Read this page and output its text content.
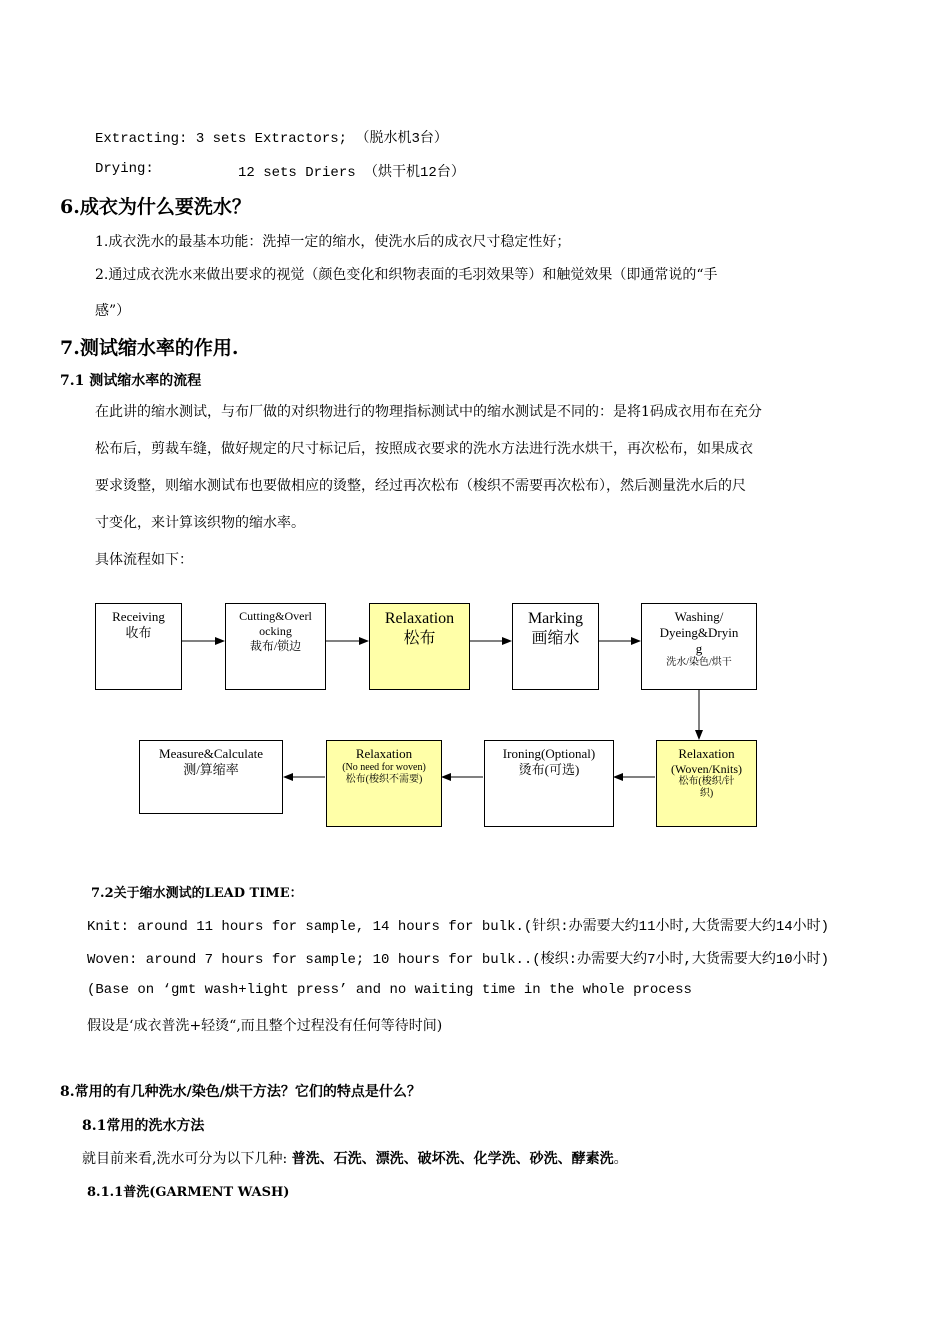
Extracting: 3 sets Extractors; （脱水机3台）
Drying:	12 sets Driers （烘干机12台）
6.成衣为什么要洗水？
1.成衣洗水的最基本功能：洗掉一定的缩水，使洗水后的成衣尺寸稳定性好；
2.通过成衣洗水来做出要求的视觉（颜色变化和织物表面的毛羽效果等）和触觉效果（即通常说的“手
感”）
7.测试缩水率的作用.
7.1 测试缩水率的流程
在此讲的缩水测试，与布厂做的对织物进行的物理指标测试中的缩水测试是不同的：是将1码成衣用布在充分
松布后，剪裁车缝，做好规定的尺寸标记后，按照成衣要求的洗水方法进行洗水烘干，再次松布，如果成衣
要求烫整，则缩水测试布也要做相应的烫整，经过再次松布（梭织不需要再次松布），然后测量洗水后的尺
寸变化，来计算该织物的缩水率。
具体流程如下：
Receiving
收布
Cutting&Overl
ocking
裁布/锁边
Relaxation
松布
Marking
画缩水
Washing/
Dyeing&Dryin
g
洗水/染色/烘干
Relaxation
(Woven/Knits)
松布(梭织/针
织)
Ironing(Optional)
烫布(可选)
Relaxation
(No need for woven)
松布(梭织不需要)
Measure&Calculate
测/算缩率
7.2关于缩水测试的LEAD TIME：
Knit: around 11 hours for sample, 14 hours for bulk.(针织:办需要大约11小时,大货需要大约14小时)
Woven: around 7 hours for sample; 10 hours for bulk..(梭织:办需要大约7小时,大货需要大约10小时)
(Base on ‘gmt wash+light press’ and no waiting time in the whole process
假设是‘成衣普洗+轻烫“,而且整个过程没有任何等待时间)
8.常用的有几种洗水/染色/烘干方法？它们的特点是什么？
8.1常用的洗水方法
就目前来看,洗水可分为以下几种: 普洗、石洗、漂洗、破坏洗、化学洗、砂洗、酵素洗。
8.1.1普洗(GARMENT WASH)
